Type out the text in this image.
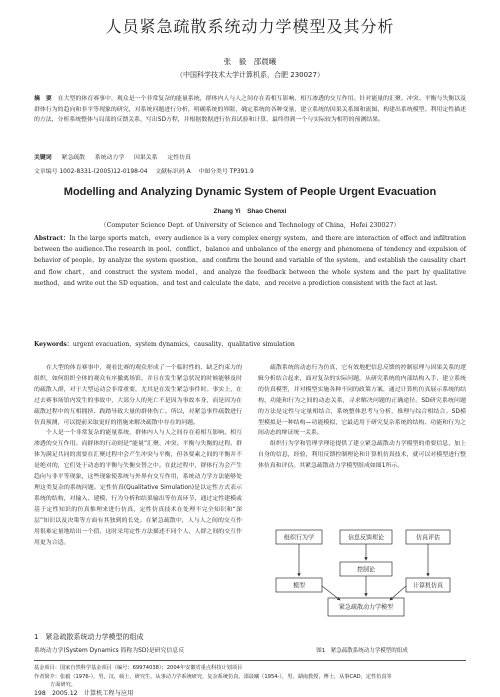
人员紧急疏散系统动力学模型及其分析
张　毅　邵晨曦
（中国科学技术大学计算机系，合肥 230027）
摘　要　 在大型的体育赛事中，观众是一个非常复杂的能量系统，群体内人与人之间存在着相互影响、相互渗透的交互作用。针对能量的汇聚、冲突、平衡与失衡以及群体行为的趋向和非平等现象的研究，对系统问题进行分析，明确系统的界限，确定系统的各种变量，建立系统的因果关系图和流图，构建出系统模型。利用定性描述的方法，分析系统整体与局部的反馈关系，写出SD方程，并根据数据进行仿真试验和计算，最终得到一个与实际较为相符的预测结果。
关键词　 紧急疏散　 系统动力学　 因果关系　 定性仿真
文章编号 1002-8331-(2005)12-0198-04　 文献标识码 A　 中图分类号 TP391.9
Modelling and Analyzing Dynamic System of People Urgent Evacuation
Zhang Yi　Shao Chenxi
（Computer Science Dept. of University of Science and Technology of China，Hefei 230027）
Abstract：In the large sports match，every audience is a very complex energy system，and there are interaction of effect and infiltration between the audience.The research in pool，conflict，balance and unbalance of the energy and phenomena of tendency and expulsion of behavior of people，by analyze the system question，and confirm the bound and variable of the system，and establish the causality chart and flow chart，and construct the system model，and analyze the feedback between the whole system and the part by qualitative method，and write out the SD equation，and test and calculate the date，and receive a prediction consistent with the fact at last.
Keywords：urgent evacuation，system dynamics，causality，qualitative simulation

在大型的体育赛事中，观看比赛的观众形成了一个临时性的、缺乏约束力的组织，如何组织全体的观众有序撤离场馆，并且在发生紧急状况的时候能够及时的疏散人群，对于大型运动会非常重要，尤其是在发生紧急事件时。事实上，在过去赛事场馆内发生的事故中，大部分人的死亡不是因为事故本身，而是因为在疏散过程中的互相拥挤、践踏导致大量的群体伤亡。所以，对紧急事件疏散进行仿真预测，可以提前采取更好的措施来解决疏散中存在的问题。

个人是一个非常复杂的能量系统，群体内人与人之间存在着相互影响、相互渗透的交互作用。而群体的行动则是“能量”汇聚、冲突、平衡与失衡的过程。群体为满足共同的需要在汇聚过程中会产生冲突与平衡，但各要素之间的平衡并不是绝对的，它们处于动态的平衡与失衡交替之中。在此过程中，群体行为会产生趋向与非平等现象，这些现象使系统与外界有交互作用，系统动力学方法能够处理这类复杂的系统问题。定性仿真(Qualitative Simulation)是以定性方式表示系统的结构，对输入、建模、行为分析和结果输出等仿真环节，通过定性建模或基于定性知识的仿真推理来进行仿真，定性仿真技术在处理不完全知识和“深层”知识以及决策等方面有其独到的长处。在紧急疏散中，人与人之间的交互作用很难定量地给出一个值，这时采用定性方法描述不同个人、人群之间的交互作用更为合适。

1　紧急疏散系统动力学模型的组成
系统动力学(System Dynamics 简称为SD)是研究信息反

疏散系统的动态行为仿真，它有效地把信息反馈的控制原理与因果关系的逻辑分析结合起来，面对复杂的实际问题，从研究系统的内部结构入手，建立系统的仿真模型，并对模型实施各种不同的政策方案，通过计算机仿真展示系统的结构、功能和行为之间的动态关系，寻求解决问题的正确途径。SD研究系统问题的方法是定性与定量相结合，系统整体思考与分析，推理与综合相结合。SD模型模拟是一种结构—功能模拟，它最适用于研究复杂系统的结构、功能和行为之间动态的辩证统一关系。

组织行为学和管理学理论提供了建立紧急疏散动力学模型的重要信息，加上自身的信息，经验，利用反馈控制理论和计算机仿真技术，就可以对模型进行整体仿真和评估。其紧急疏散动力学模型组成如图1所示。

组织行为学	信息反馈理论	仿真评估
控制论
模型
紧急疏散动力学模型
计算机仿真
图1　紧急疏散系统动力学模型的组成
基金项目：国家自然科学基金项目（编号：69974038）；2004年安徽省重点科技计划项目
作者简介：张毅（1976-），男，汉，硕士，研究生，从事动力学系统研究，复杂系统仿真，邵晨曦（1954-），男，湖南教授，博士，从事CAD，定性仿真等
方面研究。
198　2005.12　计算机工程与应用
